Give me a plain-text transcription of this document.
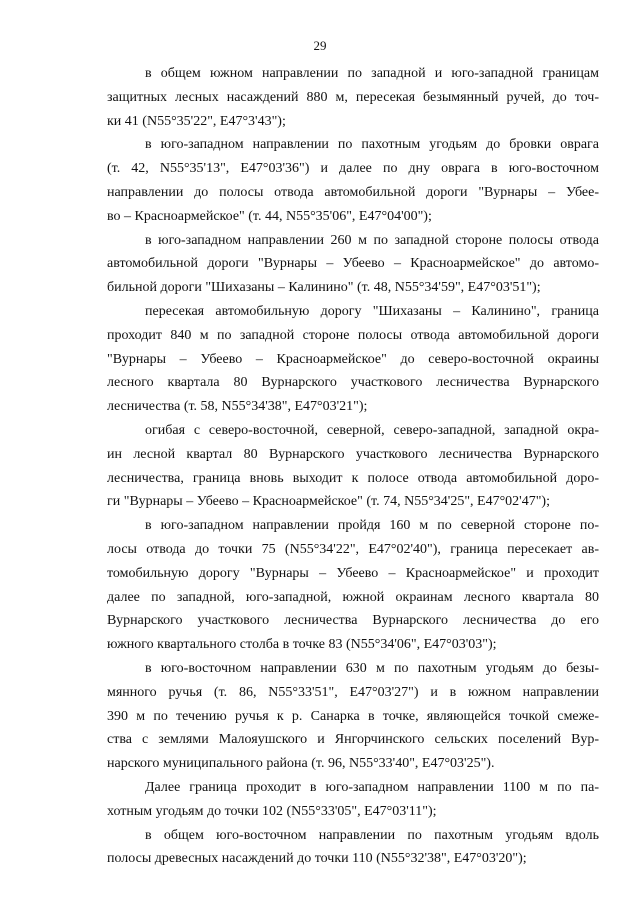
29
в общем южном направлении по западной и юго-западной границам
защитных лесных насаждений 880 м, пересекая безымянный ручей, до точ-
ки 41 (N55°35'22", E47°3'43");
в юго-западном направлении по пахотным угодьям до бровки оврага
(т. 42, N55°35'13", E47°03'36") и далее по дну оврага в юго-восточном
направлении до полосы отвода автомобильной дороги "Вурнары – Убее-
во – Красноармейское" (т. 44, N55°35'06", E47°04'00");
в юго-западном направлении 260 м по западной стороне полосы отвода
автомобильной дороги "Вурнары – Убеево – Красноармейское" до автомо-
бильной дороги "Шихазаны – Калинино" (т. 48, N55°34'59", E47°03'51");
пересекая автомобильную дорогу "Шихазаны – Калинино", граница
проходит 840 м по западной стороне полосы отвода автомобильной дороги
"Вурнары – Убеево – Красноармейское" до северо-восточной окраины
лесного квартала 80 Вурнарского участкового лесничества Вурнарского
лесничества (т. 58, N55°34'38", E47°03'21");
огибая с северо-восточной, северной, северо-западной, западной окра-
ин лесной квартал 80 Вурнарского участкового лесничества Вурнарского
лесничества, граница вновь выходит к полосе отвода автомобильной доро-
ги "Вурнары – Убеево – Красноармейское" (т. 74, N55°34'25", E47°02'47");
в юго-западном направлении пройдя 160 м по северной стороне по-
лосы отвода до точки 75 (N55°34'22", E47°02'40"), граница пересекает ав-
томобильную дорогу "Вурнары – Убеево – Красноармейское" и проходит
далее по западной, юго-западной, южной окраинам лесного квартала 80
Вурнарского участкового лесничества Вурнарского лесничества до его
южного квартального столба в точке 83 (N55°34'06", E47°03'03");
в юго-восточном направлении 630 м по пахотным угодьям до безы-
мянного ручья (т. 86, N55°33'51", E47°03'27") и в южном направлении
390 м по течению ручья к р. Санарка в точке, являющейся точкой смеже-
ства с землями Малояушского и Янгорчинского сельских поселений Вур-
нарского муниципального района (т. 96, N55°33'40", E47°03'25").
Далее граница проходит в юго-западном направлении 1100 м по па-
хотным угодьям до точки 102 (N55°33'05", E47°03'11");
в общем юго-восточном направлении по пахотным угодьям вдоль
полосы древесных насаждений до точки 110 (N55°32'38", E47°03'20");
